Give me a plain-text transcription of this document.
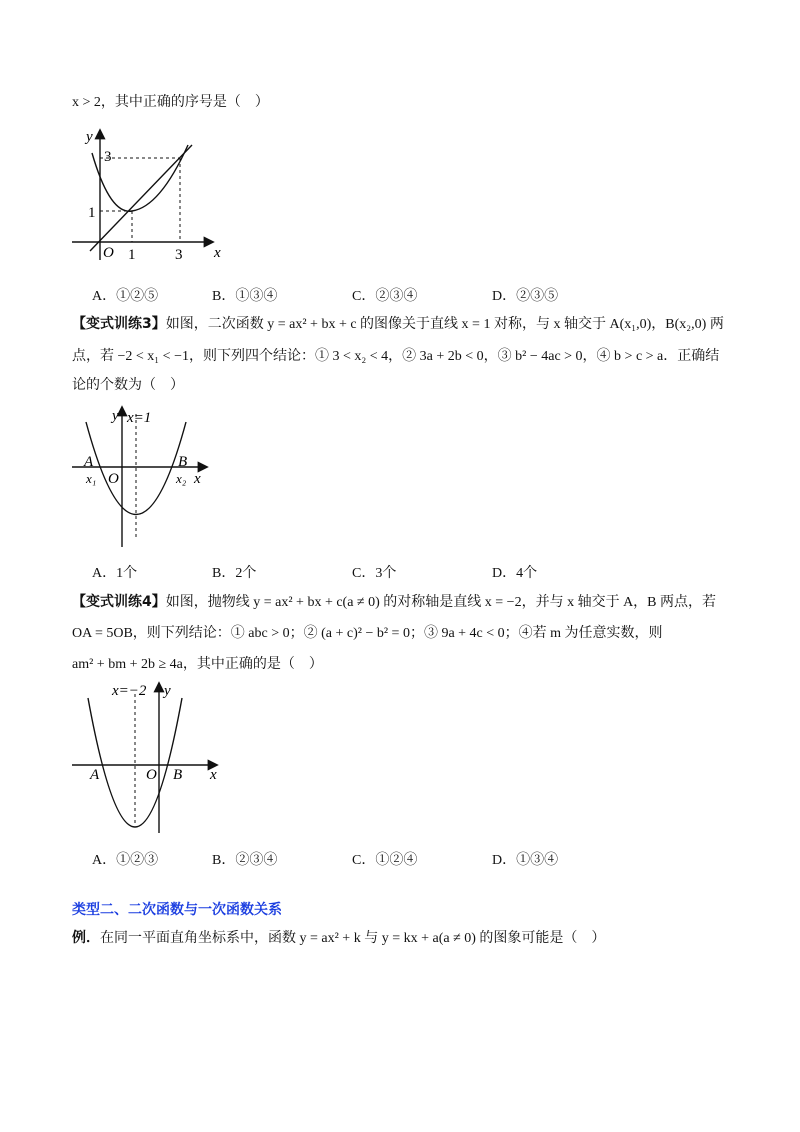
x > 2，其中正确的序号是（　）
y
x
O 1	3
1
3
A．①②⑤	B．①③④	C．②③④	D．②③⑤
【变式训练3】如图，二次函数 y = ax² + bx + c 的图像关于直线 x = 1 对称，与 x 轴交于 A(x₁,0)，B(x₂,0) 两
点，若 −2 < x₁ < −1，则下列四个结论：① 3 < x₂ < 4，② 3a + 2b < 0，③ b² − 4ac > 0，④ b > c > a．正确结
论的个数为（　）
y x=1
A	B
x₁ O	x₂ x
A．1个	B．2个	C．3个	D．4个
【变式训练4】如图，抛物线 y = ax² + bx + c(a ≠ 0) 的对称轴是直线 x = −2，并与 x 轴交于 A，B 两点，若
OA = 5OB，则下列结论：① abc > 0；② (a + c)² − b² = 0；③ 9a + 4c < 0；④若 m 为任意实数，则
am² + bm + 2b ≥ 4a，其中正确的是（　）
x=−2 y
A	O B x
A．①②③	B．②③④	C．①②④	D．①③④
类型二、二次函数与一次函数关系
例．在同一平面直角坐标系中，函数 y = ax² + k 与 y = kx + a(a ≠ 0) 的图象可能是（　）
